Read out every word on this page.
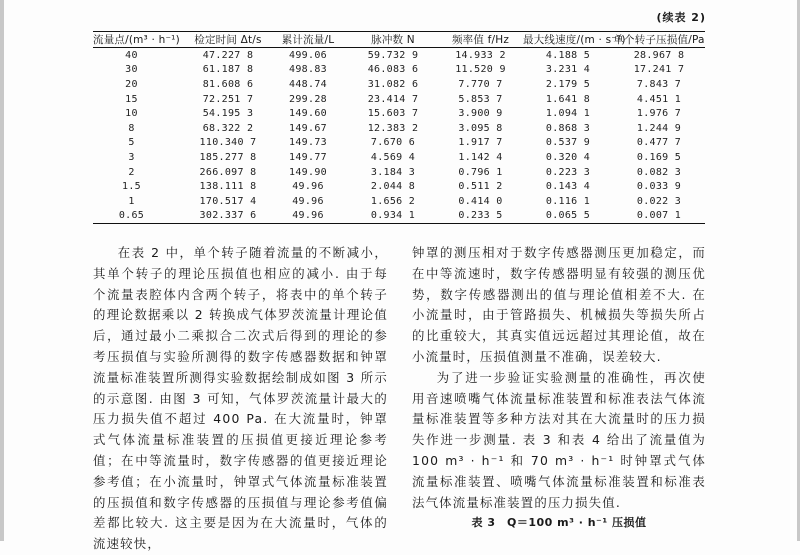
(续表 2)
流量点/(m³ · h⁻¹)	检定时间 Δt/s	累计流量/L	脉冲数 N	频率值 f/Hz	最大线速度/(m · s⁻¹)	单个转子压损值/Pa
40	47.227 8	499.06	59.732 9	14.933 2	4.188 5	28.967 8
30	61.187 8	498.83	46.083 6	11.520 9	3.231 4	17.241 7
20	81.608 6	448.74	31.082 6	7.770 7	2.179 5	7.843 7
15	72.251 7	299.28	23.414 7	5.853 7	1.641 8	4.451 1
10	54.195 3	149.60	15.603 7	3.900 9	1.094 1	1.976 7
8	68.322 2	149.67	12.383 2	3.095 8	0.868 3	1.244 9
5	110.340 7	149.73	7.670 6	1.917 7	0.537 9	0.477 7
3	185.277 8	149.77	4.569 4	1.142 4	0.320 4	0.169 5
2	266.097 8	149.90	3.184 3	0.796 1	0.223 3	0.082 3
1.5	138.111 8	49.96	2.044 8	0.511 2	0.143 4	0.033 9
1	170.517 4	49.96	1.656 2	0.414 0	0.116 1	0.022 3
0.65	302.337 6	49.96	0.934 1	0.233 5	0.065 5	0.007 1

在表 2 中，单个转子随着流量的不断减小，其单个转子的理论压损值也相应的减小. 由于每个流量表腔体内含两个转子，将表中的单个转子的理论数据乘以 2 转换成气体罗茨流量计理论值后，通过最小二乘拟合二次式后得到的理论的参考压损值与实验所测得的数字传感器数据和钟罩流量标准装置所测得实验数据绘制成如图 3 所示的示意图. 由图 3 可知，气体罗茨流量计最大的压力损失值不超过 400 Pa. 在大流量时，钟罩式气体流量标准装置的压损值更接近理论参考值；在中等流量时，数字传感器的值更接近理论参考值；在小流量时，钟罩式气体流量标准装置的压损值和数字传感器的压损值与理论参考值偏差都比较大. 这主要是因为在大流量时，气体的流速较快，

钟罩的测压相对于数字传感器测压更加稳定，而在中等流速时，数字传感器明显有较强的测压优势，数字传感器测出的值与理论值相差不大. 在小流量时，由于管路损失、机械损失等损失所占的比重较大，其真实值远远超过其理论值，故在小流量时，压损值测量不准确，误差较大.

为了进一步验证实验测量的准确性，再次使用音速喷嘴气体流量标准装置和标准表法气体流量标准装置等多种方法对其在大流量时的压力损失作进一步测量. 表 3 和表 4 给出了流量值为 100 m³ · h⁻¹ 和 70 m³ · h⁻¹ 时钟罩式气体流量标准装置、喷嘴气体流量标准装置和标准表法气体流量标准装置的压力损失值.

表 3　Q＝100 m³ · h⁻¹ 压损值
